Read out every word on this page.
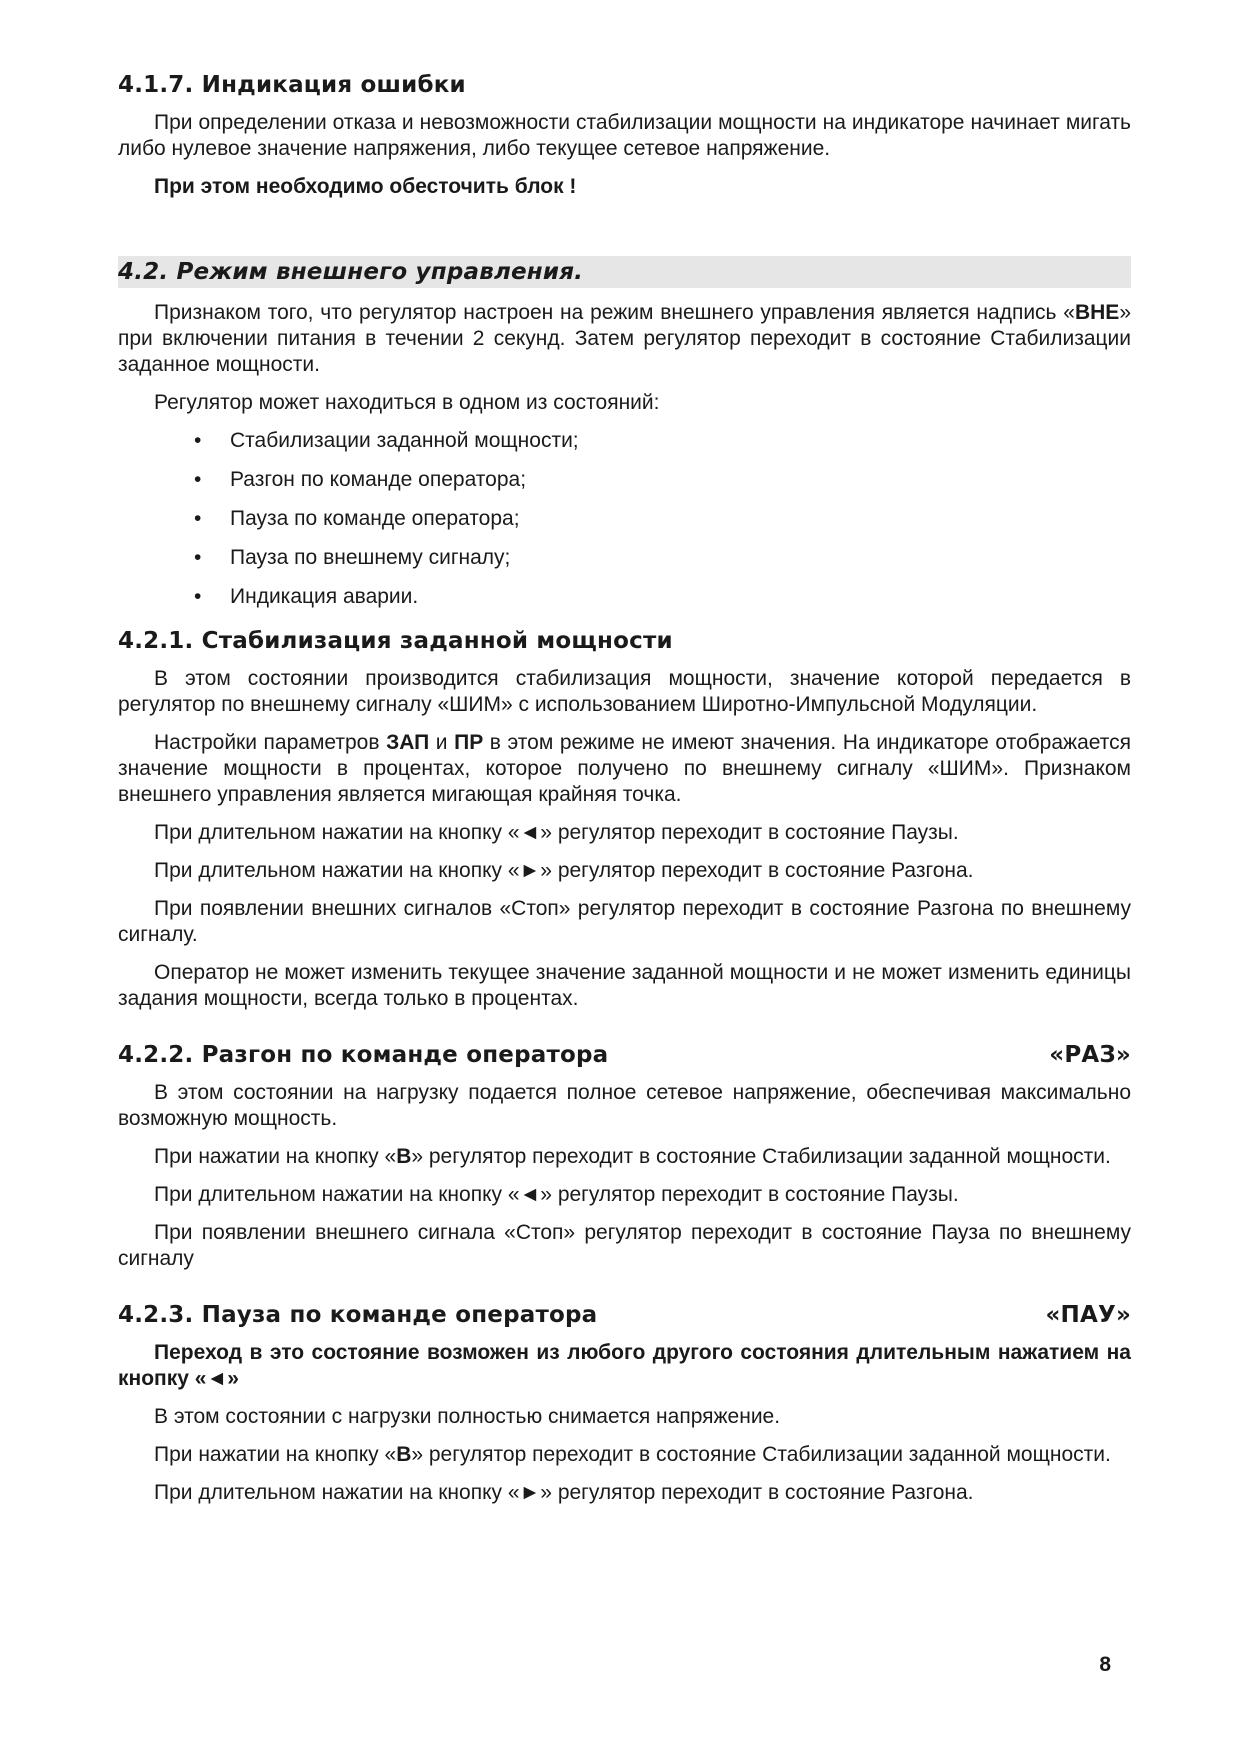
4.1.7. Индикация ошибки

При определении отказа и невозможности стабилизации мощности на индикаторе начинает мигать либо нулевое значение напряжения, либо текущее сетевое напряжение.

При этом необходимо обесточить блок !

4.2. Режим внешнего управления.

Признаком того, что регулятор настроен на режим внешнего управления является надпись «ВНЕ» при включении питания в течении 2 секунд. Затем регулятор переходит в состояние Стабилизации заданное мощности.

Регулятор может находиться в одном из состояний:

• Стабилизации заданной мощности;
• Разгон по команде оператора;
• Пауза по команде оператора;
• Пауза по внешнему сигналу;
• Индикация аварии.
4.2.1. Стабилизация заданной мощности

В этом состоянии производится стабилизация мощности, значение которой передается в регулятор по внешнему сигналу «ШИМ» с использованием Широтно-Импульсной Модуляции.

Настройки параметров ЗАП и ПР в этом режиме не имеют значения. На индикаторе отображается значение мощности в процентах, которое получено по внешнему сигналу «ШИМ». Признаком внешнего управления является мигающая крайняя точка.

При длительном нажатии на кнопку «◄» регулятор переходит в состояние Паузы.

При длительном нажатии на кнопку «►» регулятор переходит в состояние Разгона.

При появлении внешних сигналов «Стоп» регулятор переходит в состояние Разгона по внешнему сигналу.

Оператор не может изменить текущее значение заданной мощности и не может изменить единицы задания мощности, всегда только в процентах.

4.2.2. Разгон по команде оператора	«РАЗ»

В этом состоянии на нагрузку подается полное сетевое напряжение, обеспечивая максимально возможную мощность.

При нажатии на кнопку «В» регулятор переходит в состояние Стабилизации заданной мощности.

При длительном нажатии на кнопку «◄» регулятор переходит в состояние Паузы.

При появлении внешнего сигнала «Стоп» регулятор переходит в состояние Пауза по внешнему сигналу

4.2.3. Пауза по команде оператора	«ПАУ»

Переход в это состояние возможен из любого другого состояния длительным нажатием на кнопку «◄»

В этом состоянии с нагрузки полностью снимается напряжение.

При нажатии на кнопку «В» регулятор переходит в состояние Стабилизации заданной мощности.

При длительном нажатии на кнопку «►» регулятор переходит в состояние Разгона.

8
